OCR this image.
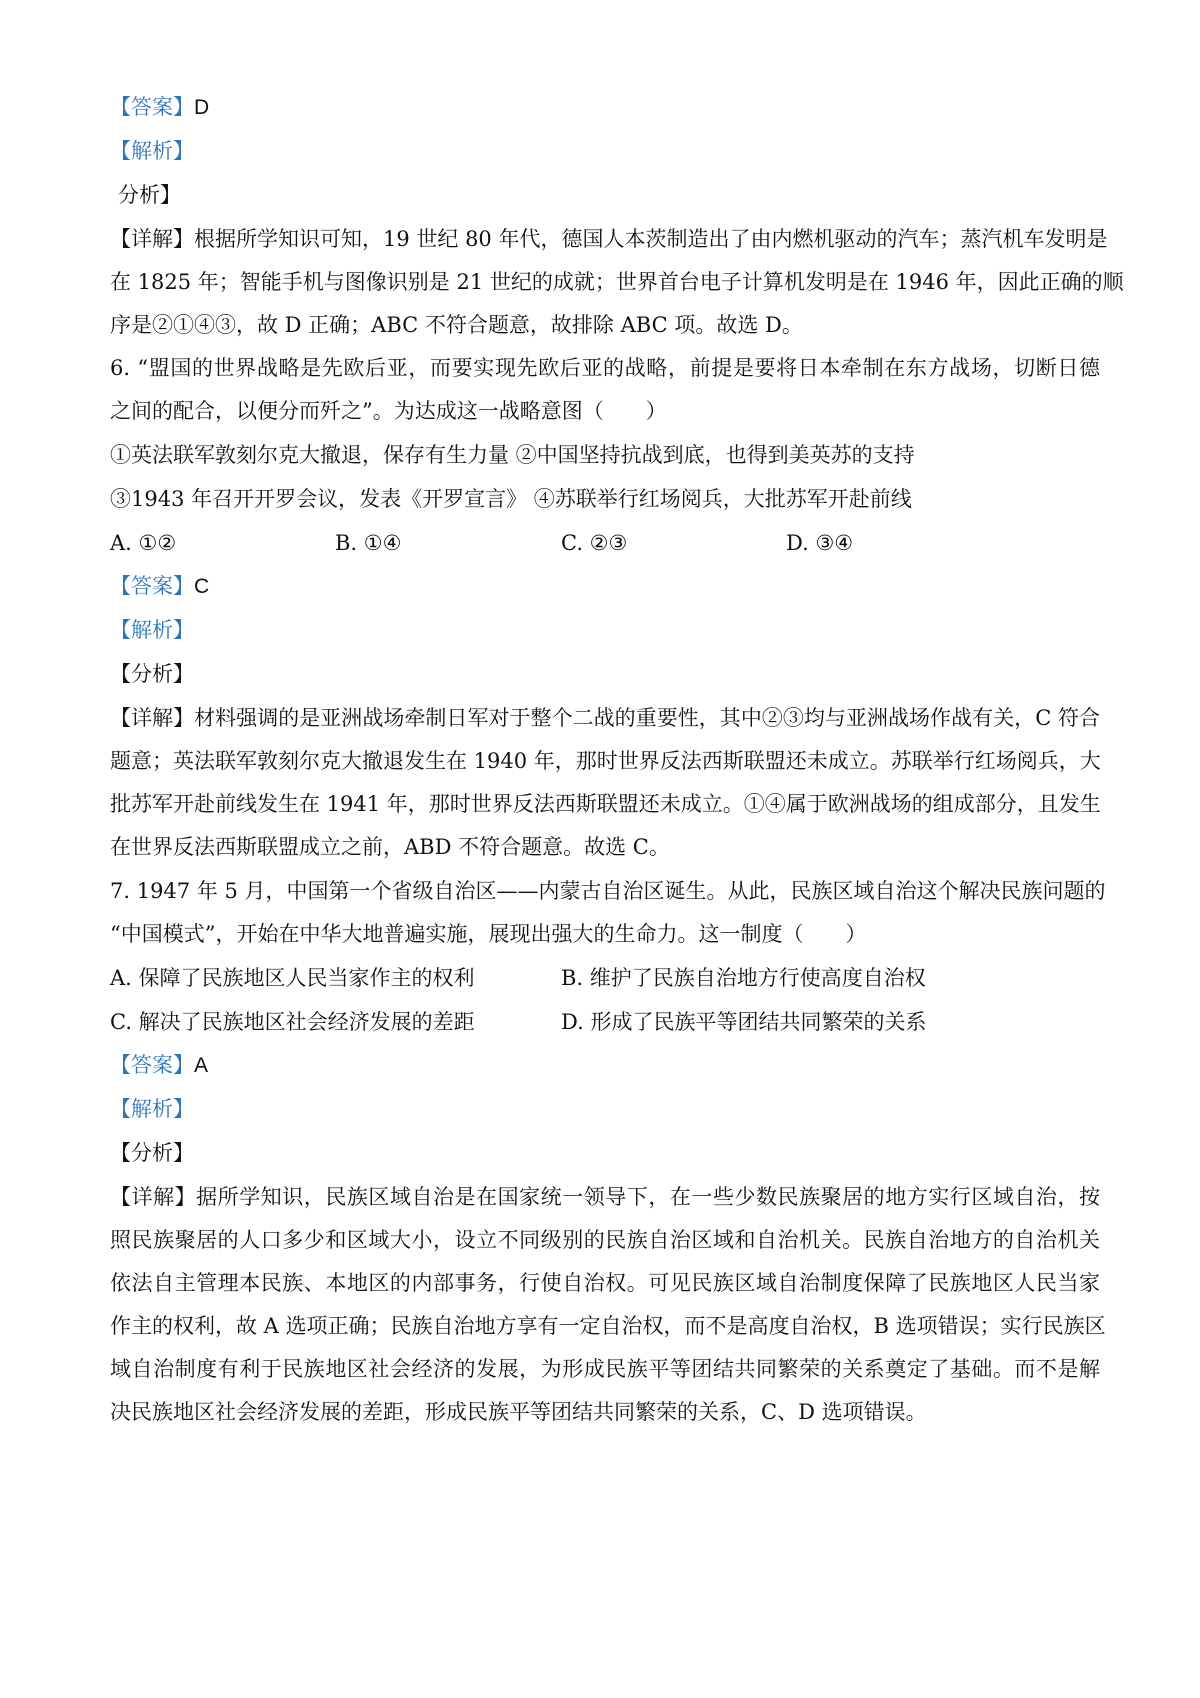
【答案】D
【解析】
分析】
【详解】根据所学知识可知，19 世纪 80 年代，德国人本茨制造出了由内燃机驱动的汽车；蒸汽机车发明是
在 1825 年；智能手机与图像识别是 21 世纪的成就；世界首台电子计算机发明是在 1946 年，因此正确的顺
序是②①④③，故 D 正确；ABC 不符合题意，故排除 ABC 项。故选 D。
6. “盟国的世界战略是先欧后亚，而要实现先欧后亚的战略，前提是要将日本牵制在东方战场，切断日德
之间的配合，以便分而歼之”。为达成这一战略意图（　　）
①英法联军敦刻尔克大撤退，保存有生力量 ②中国坚持抗战到底，也得到美英苏的支持
③1943 年召开开罗会议，发表《开罗宣言》 ④苏联举行红场阅兵，大批苏军开赴前线
A. ①②	B. ①④	C. ②③	D. ③④
【答案】C
【解析】
【分析】
【详解】材料强调的是亚洲战场牵制日军对于整个二战的重要性，其中②③均与亚洲战场作战有关，C 符合
题意；英法联军敦刻尔克大撤退发生在 1940 年，那时世界反法西斯联盟还未成立。苏联举行红场阅兵，大
批苏军开赴前线发生在 1941 年，那时世界反法西斯联盟还未成立。①④属于欧洲战场的组成部分，且发生
在世界反法西斯联盟成立之前，ABD 不符合题意。故选 C。
7. 1947 年 5 月，中国第一个省级自治区——内蒙古自治区诞生。从此，民族区域自治这个解决民族问题的
“中国模式”，开始在中华大地普遍实施，展现出强大的生命力。这一制度（　　）
A. 保障了民族地区人民当家作主的权利	B. 维护了民族自治地方行使高度自治权
C. 解决了民族地区社会经济发展的差距	D. 形成了民族平等团结共同繁荣的关系
【答案】A
【解析】
【分析】
【详解】据所学知识，民族区域自治是在国家统一领导下，在一些少数民族聚居的地方实行区域自治，按
照民族聚居的人口多少和区域大小，设立不同级别的民族自治区域和自治机关。民族自治地方的自治机关
依法自主管理本民族、本地区的内部事务，行使自治权。可见民族区域自治制度保障了民族地区人民当家
作主的权利，故 A 选项正确；民族自治地方享有一定自治权，而不是高度自治权，B 选项错误；实行民族区
域自治制度有利于民族地区社会经济的发展，为形成民族平等团结共同繁荣的关系奠定了基础。而不是解
决民族地区社会经济发展的差距，形成民族平等团结共同繁荣的关系，C、D 选项错误。
